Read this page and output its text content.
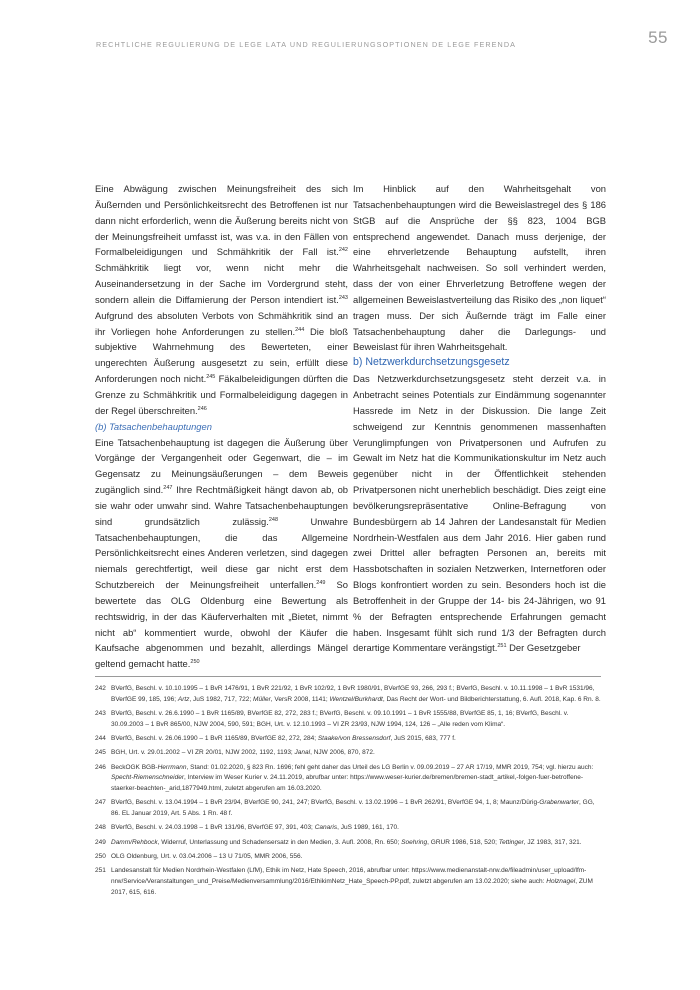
RECHTLICHE REGULIERUNG DE LEGE LATA UND REGULIERUNGSOPTIONEN DE LEGE FERENDA	55

Eine Abwägung zwischen Meinungsfreiheit des sich Äußernden und Persönlichkeitsrecht des Betroffenen ist nur dann nicht erforderlich, wenn die Äußerung bereits nicht von der Meinungsfreiheit umfasst ist, was v.a. in den Fällen von Formalbeleidigungen und Schmähkritik der Fall ist.$^{242}$ Schmähkritik liegt vor, wenn nicht mehr die Auseinandersetzung in der Sache im Vordergrund steht, sondern allein die Diffamierung der Person intendiert ist.$^{243}$ Aufgrund des absoluten Verbots von Schmähkritik sind an ihr Vorliegen hohe Anforderungen zu stellen.$^{244}$ Die bloß subjektive Wahrnehmung des Bewerteten, einer ungerechten Äußerung ausgesetzt zu sein, erfüllt diese Anforderungen noch nicht.$^{245}$ Fäkalbeleidigungen dürften die Grenze zu Schmähkritik und Formalbeleidigung dagegen in der Regel überschreiten.$^{246}$

(b) Tatsachenbehauptungen

Eine Tatsachenbehauptung ist dagegen die Äußerung über Vorgänge der Vergangenheit oder Gegenwart, die – im Gegensatz zu Meinungsäußerungen – dem Beweis zugänglich sind.$^{247}$ Ihre Rechtmäßigkeit hängt davon ab, ob sie wahr oder unwahr sind. Wahre Tatsachenbehauptungen sind grundsätzlich zulässig.$^{248}$ Unwahre Tatsachenbehauptungen, die das Allgemeine Persönlichkeitsrecht eines Anderen verletzen, sind dagegen niemals gerechtfertigt, weil diese gar nicht erst dem Schutzbereich der Meinungsfreiheit unterfallen.$^{249}$ So bewertete das OLG Oldenburg eine Bewertung als rechtswidrig, in der das Käuferverhalten mit „Bietet, nimmt nicht ab“ kommentiert wurde, obwohl der Käufer die Kaufsache abgenommen und bezahlt, allerdings Mängel geltend gemacht hatte.$^{250}$

Im Hinblick auf den Wahrheitsgehalt von Tatsachenbehauptungen wird die Beweislastregel des § 186 StGB auf die Ansprüche der §§ 823, 1004 BGB entsprechend angewendet. Danach muss derjenige, der eine ehrverletzende Behauptung aufstellt, ihren Wahrheitsgehalt nachweisen. So soll verhindert werden, dass der von einer Ehrverletzung Betroffene wegen der allgemeinen Beweislastverteilung das Risiko des „non liquet“ tragen muss. Der sich Äußernde trägt im Falle einer Tatsachenbehauptung daher die Darlegungs- und Beweislast für ihren Wahrheitsgehalt.

b) Netzwerkdurchsetzungsgesetz

Das Netzwerkdurchsetzungsgesetz steht derzeit v.a. in Anbetracht seines Potentials zur Eindämmung sogenannter Hassrede im Netz in der Diskussion. Die lange Zeit schweigend zur Kenntnis genommenen massenhaften Verunglimpfungen von Privatpersonen und Aufrufen zu Gewalt im Netz hat die Kommunikationskultur im Netz auch gegenüber nicht in der Öffentlichkeit stehenden Privatpersonen nicht unerheblich beschädigt. Dies zeigt eine bevölkerungsrepräsentative Online-Befragung von Bundesbürgern ab 14 Jahren der Landesanstalt für Medien Nordrhein-Westfalen aus dem Jahr 2016. Hier gaben rund zwei Drittel aller befragten Personen an, bereits mit Hassbotschaften in sozialen Netzwerken, Internetforen oder Blogs konfrontiert worden zu sein. Besonders hoch ist die Betroffenheit in der Gruppe der 14- bis 24-Jährigen, wo 91 % der Befragten entsprechende Erfahrungen gemacht haben. Insgesamt fühlt sich rund 1/3 der Befragten durch derartige Kommentare verängstigt.$^{251}$ Der Gesetzgeber

242 BVerfG, Beschl. v. 10.10.1995 – 1 BvR 1476/91, 1 BvR 221/92, 1 BvR 102/92, 1 BvR 1980/91, BVerfGE 93, 266, 293 f.; BVerfG, Beschl. v. 10.11.1998 – 1 BvR 1531/96, BVerfGE 99, 185, 196; Artz, JuS 1982, 717, 722; Müller, VersR 2008, 1141; Wentzel/Burkhardt, Das Recht der Wort- und Bildberichterstattung, 6. Aufl. 2018, Kap. 6 Rn. 8.
243 BVerfG, Beschl. v. 26.6.1990 – 1 BvR 1165/89, BVerfGE 82, 272, 283 f.; BVerfG, Beschl. v. 09.10.1991 – 1 BvR 1555/88, BVerfGE 85, 1, 16; BVerfG, Beschl. v. 30.09.2003 – 1 BvR 865/00, NJW 2004, 590, 591; BGH, Urt. v. 12.10.1993 – VI ZR 23/93, NJW 1994, 124, 126 – „Alle reden vom Klima“.
244 BVerfG, Beschl. v. 26.06.1990 – 1 BvR 1165/89, BVerfGE 82, 272, 284; Staake/von Bressensdorf, JuS 2015, 683, 777 f.
245 BGH, Urt. v. 29.01.2002 – VI ZR 20/01, NJW 2002, 1192, 1193; Janal, NJW 2006, 870, 872.
246 BeckOGK BGB-Herrmann, Stand: 01.02.2020, § 823 Rn. 1696; fehl geht daher das Urteil des LG Berlin v. 09.09.2019 – 27 AR 17/19, MMR 2019, 754; vgl. hierzu auch: Specht-Riemenschneider, Interview im Weser Kurier v. 24.11.2019, abrufbar unter: https://www.weser-kurier.de/bremen/bremen-stadt_artikel,-folgen-fuer-betroffene-staerker-beachten-_arid,1877949.html, zuletzt abgerufen am 16.03.2020.
247 BVerfG, Beschl. v. 13.04.1994 – 1 BvR 23/94, BVerfGE 90, 241, 247; BVerfG, Beschl. v. 13.02.1996 – 1 BvR 262/91, BVerfGE 94, 1, 8; Maunz/Dürig-Grabenwarter, GG, 86. EL Januar 2019, Art. 5 Abs. 1 Rn. 48 f.
248 BVerfG, Beschl. v. 24.03.1998 – 1 BvR 131/96, BVerfGE 97, 391, 403; Canaris, JuS 1989, 161, 170.
249 Damm/Rehbock, Widerruf, Unterlassung und Schadensersatz in den Medien, 3. Aufl. 2008, Rn. 650; Soehring, GRUR 1986, 518, 520; Tettinger, JZ 1983, 317, 321.
250 OLG Oldenburg, Urt. v. 03.04.2006 – 13 U 71/05, MMR 2006, 556.
251 Landesanstalt für Medien Nordrhein-Westfalen (LfM), Ethik im Netz, Hate Speech, 2016, abrufbar unter: https://www.medienanstalt-nrw.de/fileadmin/user_upload/lfm-nrw/Service/Veranstaltungen_und_Preise/Medienversammlung/2016/EthikimNetz_Hate_Speech-PP.pdf, zuletzt abgerufen am 13.02.2020; siehe auch: Holznagel, ZUM 2017, 615, 616.
